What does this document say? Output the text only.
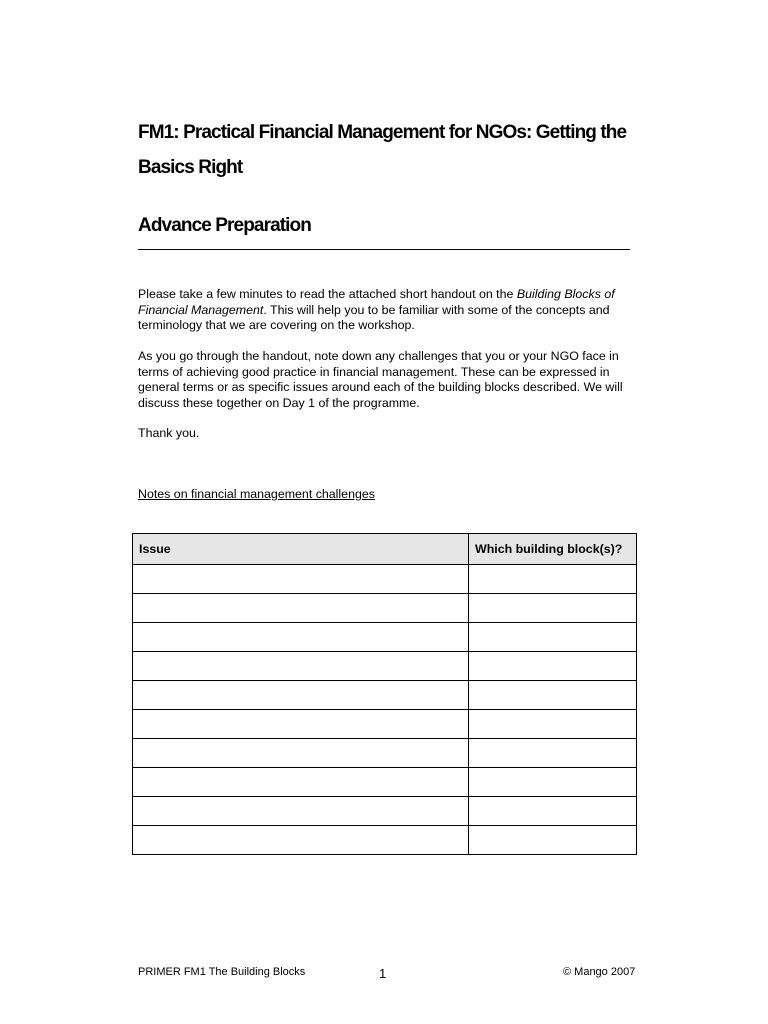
FM1: Practical Financial Management for NGOs: Getting the Basics Right
Advance Preparation

Please take a few minutes to read the attached short handout on the Building Blocks of Financial Management. This will help you to be familiar with some of the concepts and terminology that we are covering on the workshop.

As you go through the handout, note down any challenges that you or your NGO face in terms of achieving good practice in financial management. These can be expressed in general terms or as specific issues around each of the building blocks described. We will discuss these together on Day 1 of the programme.

Thank you.

Notes on financial management challenges

Issue	Which building block(s)?

PRIMER FM1 The Building Blocks	1	© Mango 2007
